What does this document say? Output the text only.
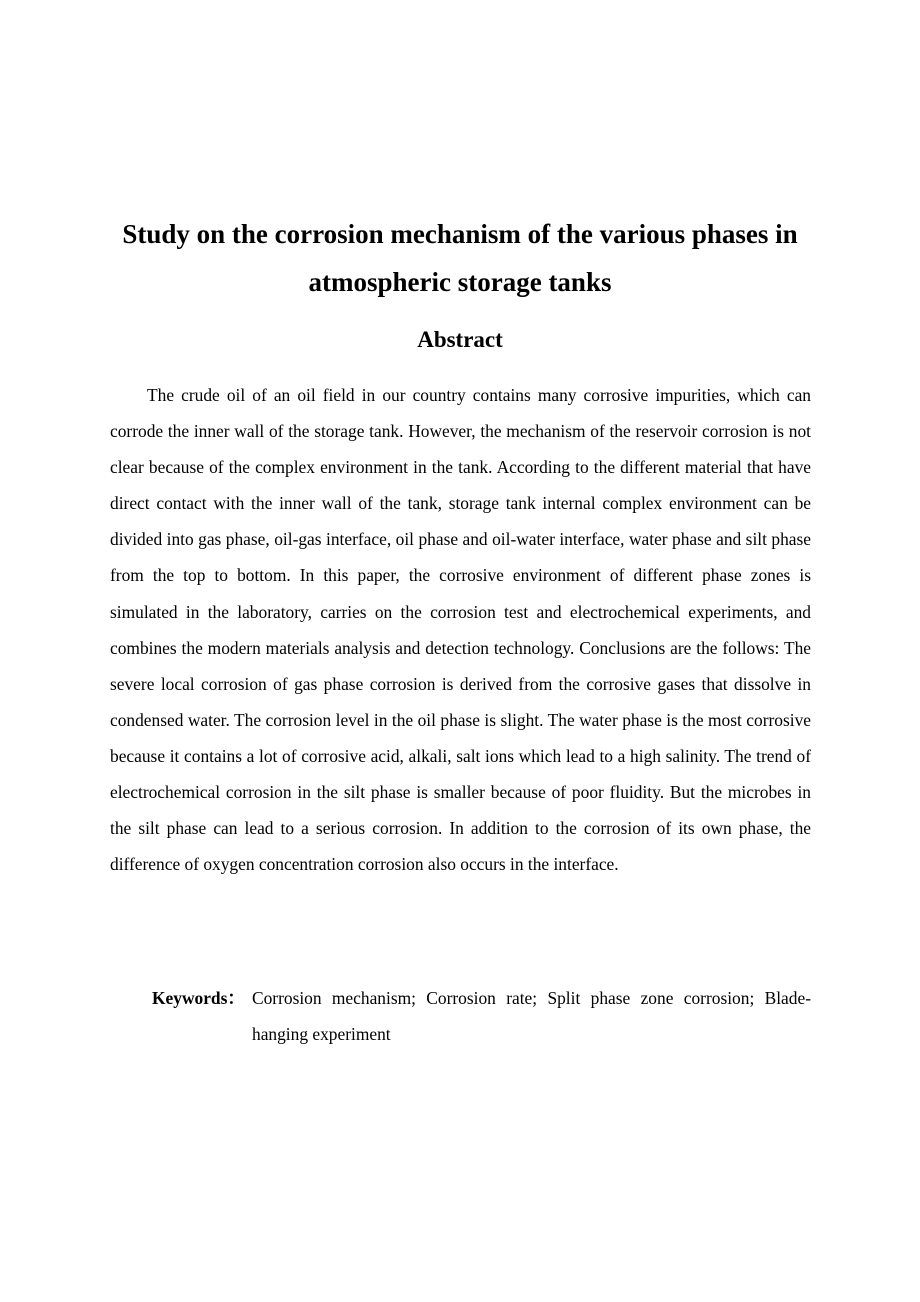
Study on the corrosion mechanism of the various phases in atmospheric storage tanks
Abstract

The crude oil of an oil field in our country contains many corrosive impurities, which can corrode the inner wall of the storage tank. However, the mechanism of the reservoir corrosion is not clear because of the complex environment in the tank. According to the different material that have direct contact with the inner wall of the tank, storage tank internal complex environment can be divided into gas phase, oil-gas interface, oil phase and oil-water interface, water phase and silt phase from the top to bottom. In this paper, the corrosive environment of different phase zones is simulated in the laboratory, carries on the corrosion test and electrochemical experiments, and combines the modern materials analysis and detection technology. Conclusions are the follows: The severe local corrosion of gas phase corrosion is derived from the corrosive gases that dissolve in condensed water. The corrosion level in the oil phase is slight. The water phase is the most corrosive because it contains a lot of corrosive acid, alkali, salt ions which lead to a high salinity. The trend of electrochemical corrosion in the silt phase is smaller because of poor fluidity. But the microbes in the silt phase can lead to a serious corrosion. In addition to the corrosion of its own phase, the difference of oxygen concentration corrosion also occurs in the interface.

Keywords： Corrosion mechanism; Corrosion rate; Split phase zone corrosion; Blade-hanging experiment
